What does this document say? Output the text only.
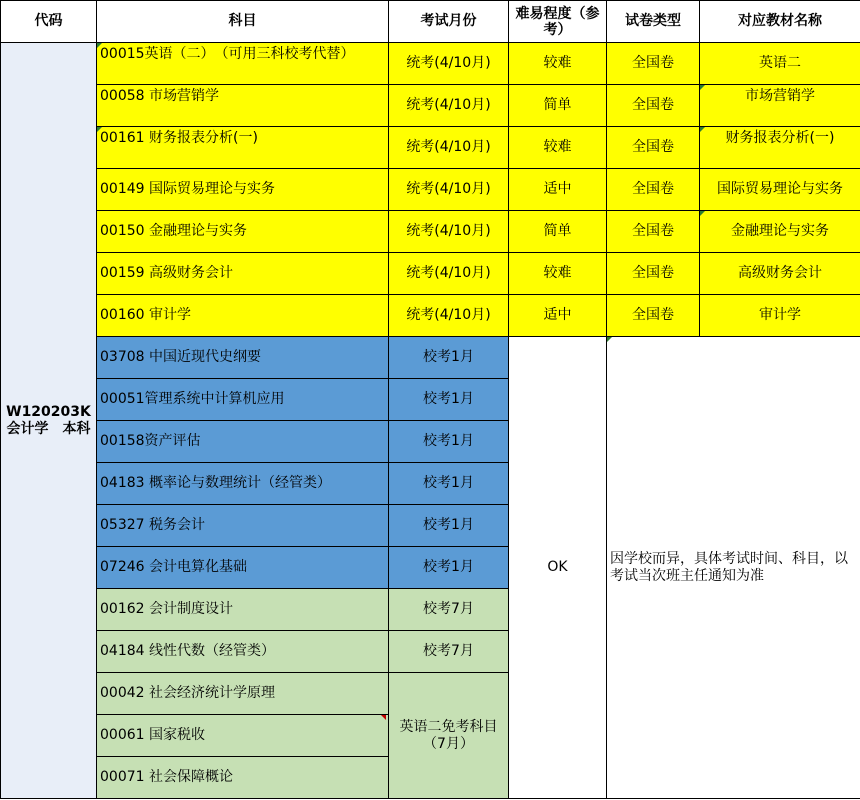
代码	科目	考试月份	难易程度（参考）	试卷类型	对应教材名称
W120203K 会计学　本科	00015英语（二）　（可用三科校考代替）	统考(4/10月)	较难	全国卷	英语二
	00058 市场营销学	统考(4/10月)	简单	全国卷	市场营销学
	00161 财务报表分析(一)	统考(4/10月)	较难	全国卷	财务报表分析(一)
	00149 国际贸易理论与实务	统考(4/10月)	适中	全国卷	国际贸易理论与实务
	00150 金融理论与实务	统考(4/10月)	简单	全国卷	金融理论与实务
	00159 高级财务会计	统考(4/10月)	较难	全国卷	高级财务会计
	00160 审计学	统考(4/10月)	适中	全国卷	审计学
	03708 中国近现代史纲要	校考1月	OK	因学校而异，具体考试时间、科目，以考试当次班主任通知为准	
	00051管理系统中计算机应用	校考1月			
	00158资产评估	校考1月			
	04183 概率论与数理统计（经管类）	校考1月			
	05327 税务会计	校考1月			
	07246 会计电算化基础	校考1月			
	00162 会计制度设计	校考7月			
	04184 线性代数（经管类）	校考7月			
	00042 社会经济统计学原理	英语二免考科目（7月）			
	00061 国家税收				
	00071 社会保障概论				
